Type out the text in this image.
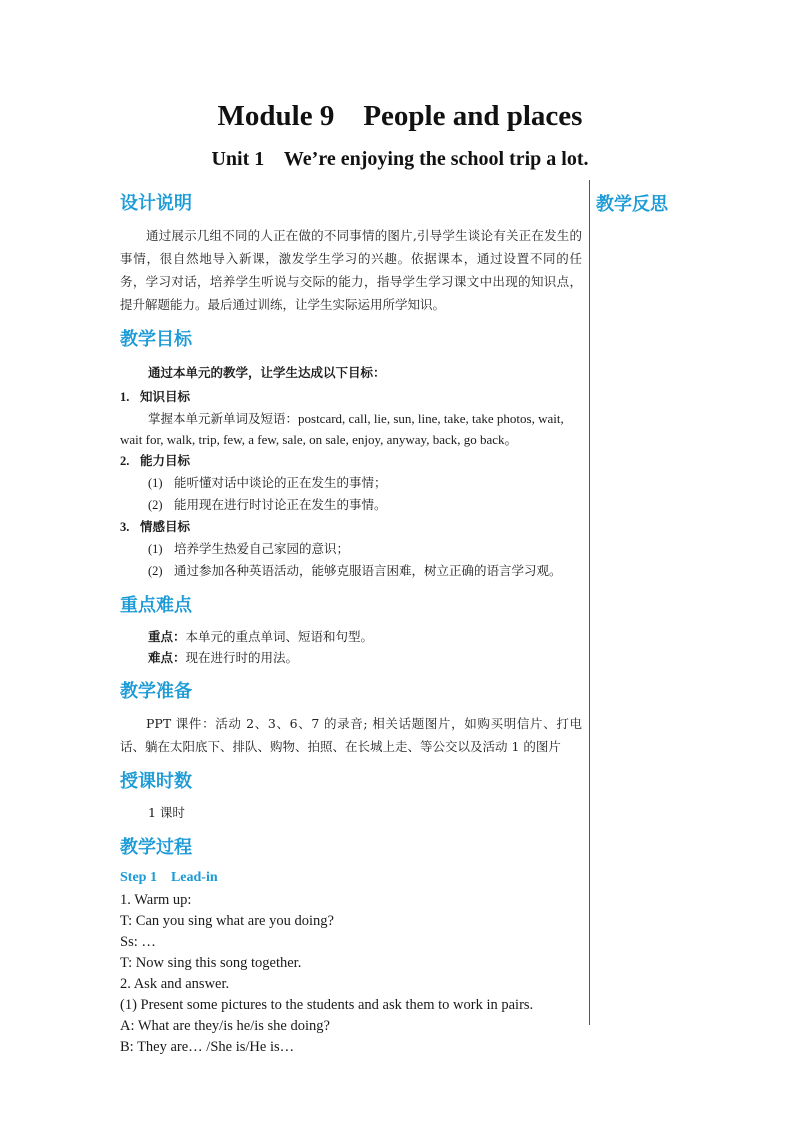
Module 9    People and places
Unit 1    We’re enjoying the school trip a lot.
教学反思
设计说明

通过展示几组不同的人正在做的不同事情的图片,引导学生谈论有关正在发生的事情，很自然地导入新课，激发学生学习的兴趣。依据课本，通过设置不同的任务，学习对话，培养学生听说与交际的能力，指导学生学习课文中出现的知识点，提升解题能力。最后通过训练，让学生实际运用所学知识。

教学目标
通过本单元的教学，让学生达成以下目标：
1. 知识目标

掌握本单元新单词及短语：postcard, call, lie, sun, line, take, take photos, wait, wait for, walk, trip, few, a few, sale, on sale, enjoy, anyway, back, go back。

2. 能力目标

(1) 能听懂对话中谈论的正在发生的事情；

(2) 能用现在进行时讨论正在发生的事情。

3. 情感目标

(1) 培养学生热爱自己家园的意识；

(2) 通过参加各种英语活动，能够克服语言困难，树立正确的语言学习观。

重点难点

重点：本单元的重点单词、短语和句型。

难点：现在进行时的用法。

教学准备

PPT 课件：活动 2、3、6、7 的录音; 相关话题图片，如购买明信片、打电话、躺在太阳底下、排队、购物、拍照、在长城上走、等公交以及活动 1 的图片

授课时数
1 课时
教学过程
Step 1    Lead-in

1. Warm up:

T: Can you sing what are you doing?

Ss: …

T: Now sing this song together.

2. Ask and answer.

(1) Present some pictures to the students and ask them to work in pairs.

A: What are they/is he/is she doing?

B: They are… /She is/He is…
